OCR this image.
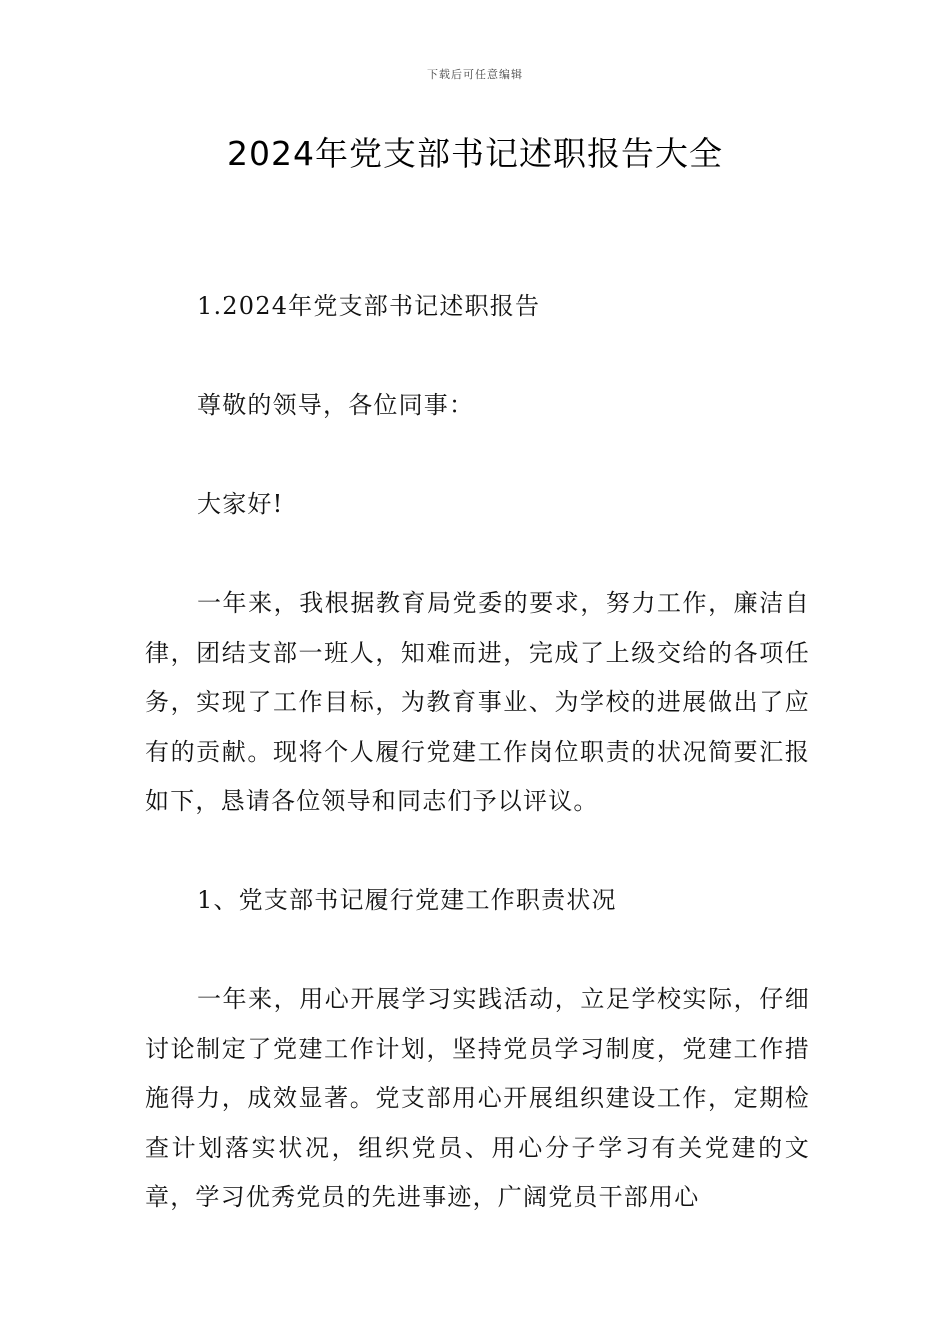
下载后可任意编辑
2024年党支部书记述职报告大全

1.2024年党支部书记述职报告

尊敬的领导，各位同事：

大家好!

一年来，我根据教育局党委的要求，努力工作，廉洁自律，团结支部一班人，知难而进，完成了上级交给的各项任务，实现了工作目标，为教育事业、为学校的进展做出了应有的贡献。现将个人履行党建工作岗位职责的状况简要汇报如下，恳请各位领导和同志们予以评议。

1、党支部书记履行党建工作职责状况

一年来，用心开展学习实践活动，立足学校实际，仔细讨论制定了党建工作计划，坚持党员学习制度，党建工作措施得力，成效显著。党支部用心开展组织建设工作，定期检查计划落实状况，组织党员、用心分子学习有关党建的文章，学习优秀党员的先进事迹，广阔党员干部用心
